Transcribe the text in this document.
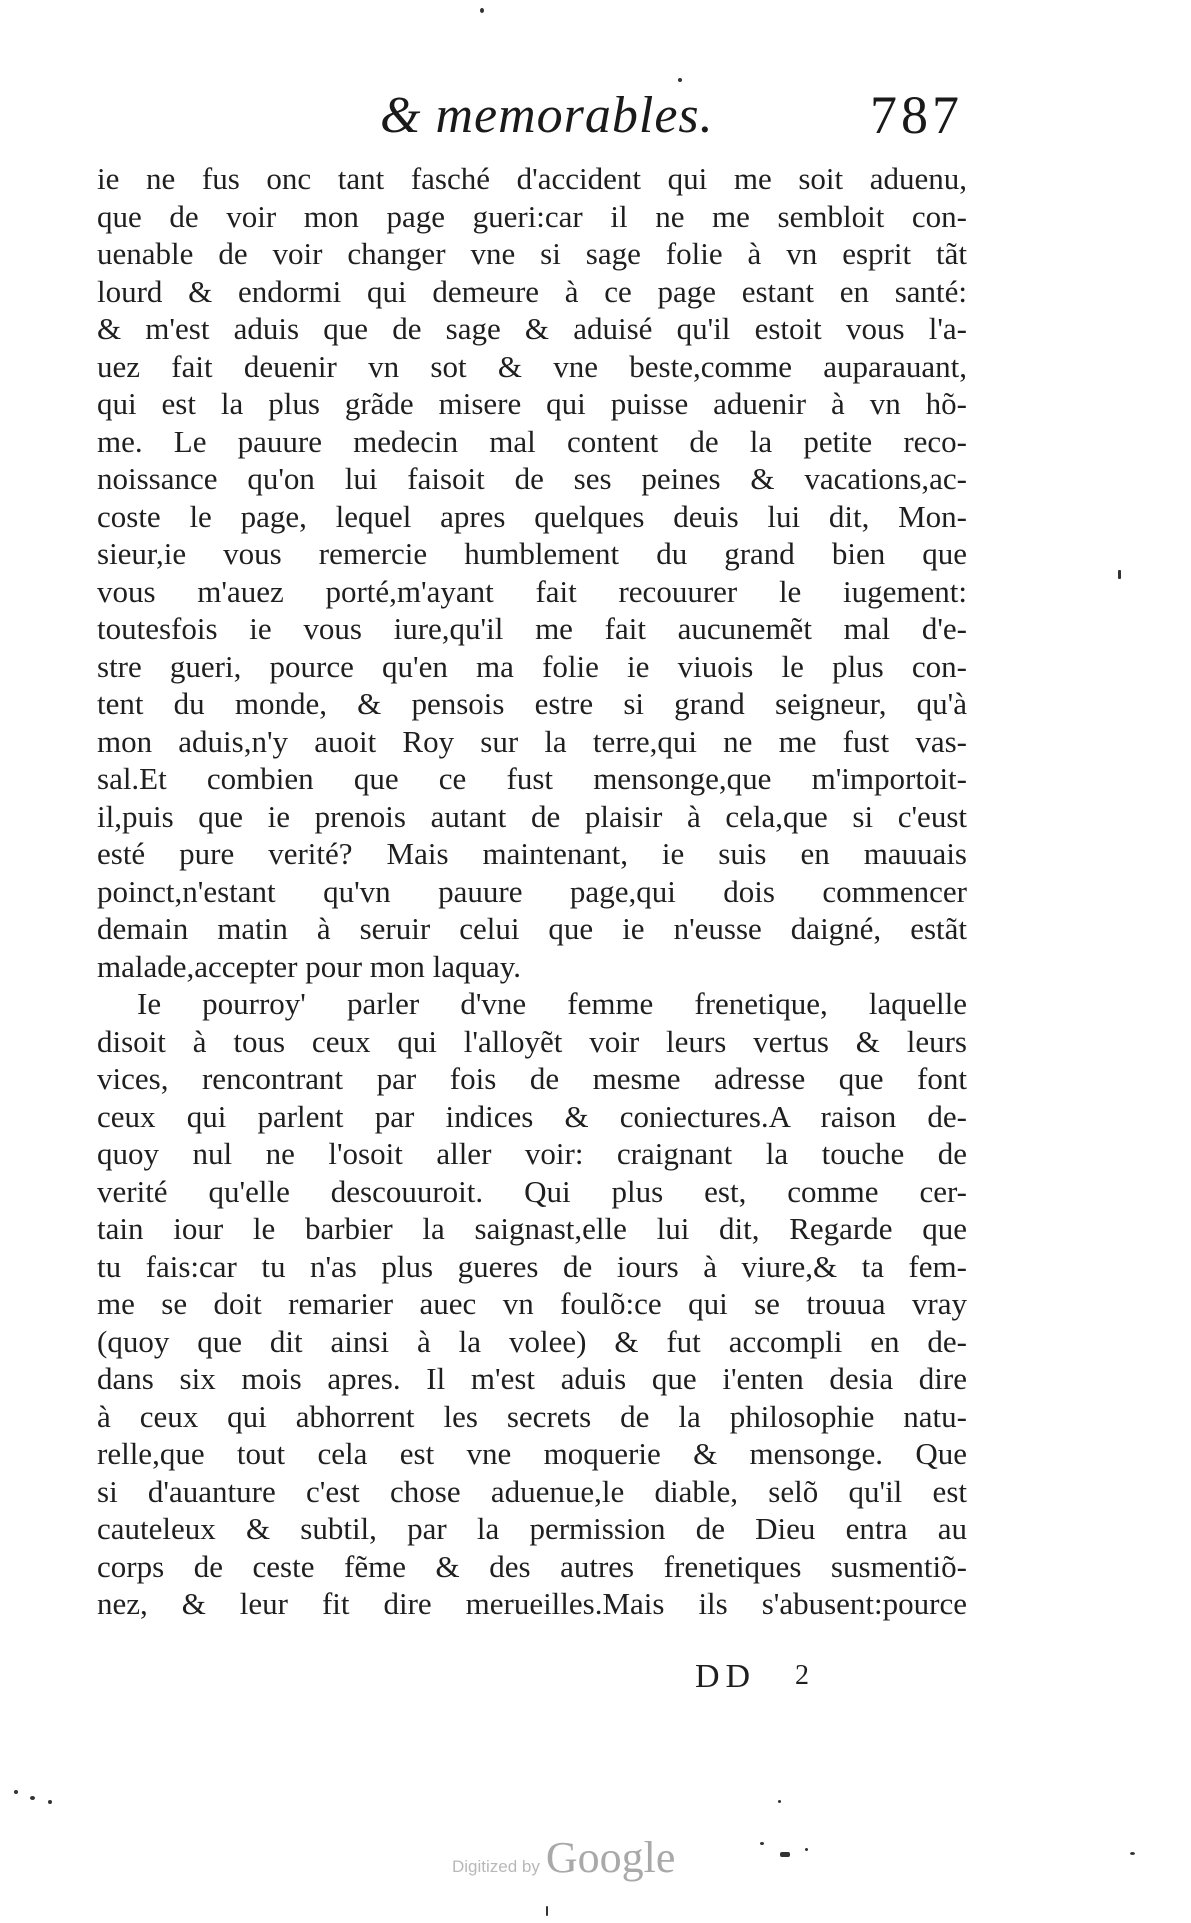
& memorables.	787
ie ne fus onc tant fasché d'accident qui me soit aduenu,
que de voir mon page gueri:car il ne me sembloit con-
uenable de voir changer vne si sage folie à vn esprit tãt
lourd & endormi qui demeure à ce page estant en santé:
& m'est aduis que de sage & aduisé qu'il estoit vous l'a-
uez fait deuenir vn sot & vne beste,comme auparauant,
qui est la plus grãde misere qui puisse aduenir à vn hõ-
me. Le pauure medecin mal content de la petite reco-
noissance qu'on lui faisoit de ses peines & vacations,ac-
coste le page, lequel apres quelques deuis lui dit, Mon-
sieur,ie vous remercie humblement du grand bien que
vous m'auez porté,m'ayant fait recouurer le iugement:
toutesfois ie vous iure,qu'il me fait aucunemẽt mal d'e-
stre gueri, pource qu'en ma folie ie viuois le plus con-
tent du monde, & pensois estre si grand seigneur, qu'à
mon aduis,n'y auoit Roy sur la terre,qui ne me fust vas-
sal.Et combien que ce fust mensonge,que m'importoit-
il,puis que ie prenois autant de plaisir à cela,que si c'eust
esté pure verité? Mais maintenant, ie suis en mauuais
poinct,n'estant qu'vn pauure page,qui dois commencer
demain matin à seruir celui que ie n'eusse daigné, estãt
malade,accepter pour mon laquay.
Ie pourroy' parler d'vne femme frenetique, laquelle
disoit à tous ceux qui l'alloyẽt voir leurs vertus & leurs
vices, rencontrant par fois de mesme adresse que font
ceux qui parlent par indices & coniectures.A raison de-
quoy nul ne l'osoit aller voir: craignant la touche de
verité qu'elle descouuroit. Qui plus est, comme cer-
tain iour le barbier la saignast,elle lui dit, Regarde que
tu fais:car tu n'as plus gueres de iours à viure,& ta fem-
me se doit remarier auec vn foulõ:ce qui se trouua vray
(quoy que dit ainsi à la volee) & fut accompli en de-
dans six mois apres. Il m'est aduis que i'enten desia dire
à ceux qui abhorrent les secrets de la philosophie natu-
relle,que tout cela est vne moquerie & mensonge. Que
si d'auanture c'est chose aduenue,le diable, selõ qu'il est
cauteleux & subtil, par la permission de Dieu entra au
corps de ceste fẽme & des autres frenetiques susmentiõ-
nez, & leur fit dire merueilles.Mais ils s'abusent:pource
DD 2
Digitized by Google
